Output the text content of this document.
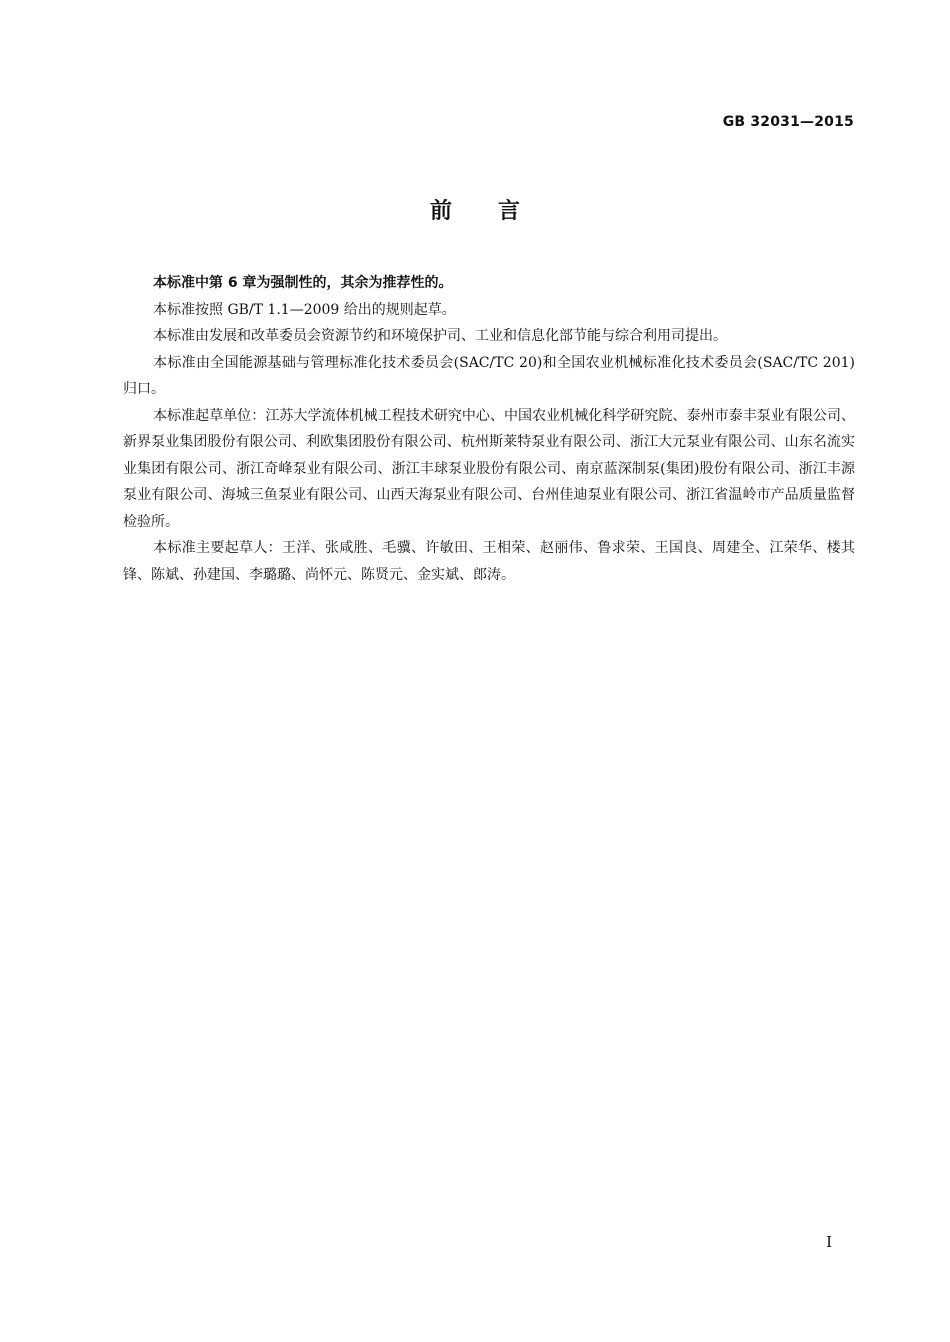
GB 32031—2015
前言

本标准中第 6 章为强制性的，其余为推荐性的。

本标准按照 GB/T 1.1—2009 给出的规则起草。

本标准由发展和改革委员会资源节约和环境保护司、工业和信息化部节能与综合利用司提出。

本标准由全国能源基础与管理标准化技术委员会(SAC/TC 20)和全国农业机械标准化技术委员会(SAC/TC 201)归口。

本标准起草单位：江苏大学流体机械工程技术研究中心、中国农业机械化科学研究院、泰州市泰丰泵业有限公司、新界泵业集团股份有限公司、利欧集团股份有限公司、杭州斯莱特泵业有限公司、浙江大元泵业有限公司、山东名流实业集团有限公司、浙江奇峰泵业有限公司、浙江丰球泵业股份有限公司、南京蓝深制泵(集团)股份有限公司、浙江丰源泵业有限公司、海城三鱼泵业有限公司、山西天海泵业有限公司、台州佳迪泵业有限公司、浙江省温岭市产品质量监督检验所。

本标准主要起草人：王洋、张咸胜、毛骥、许敏田、王相荣、赵丽伟、鲁求荣、王国良、周建全、江荣华、楼其锋、陈斌、孙建国、李璐璐、尚怀元、陈贤元、金实斌、郎涛。

I
